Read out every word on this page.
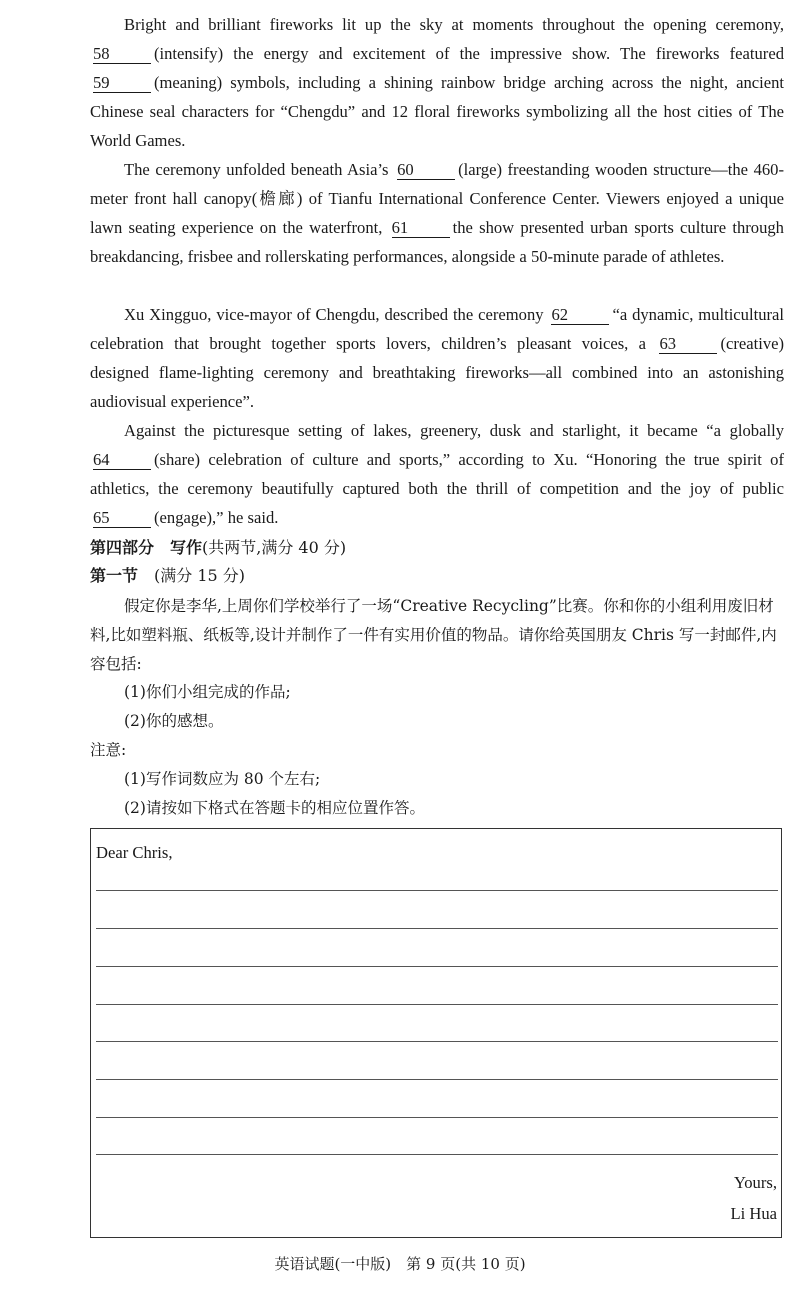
Bright and brilliant fireworks lit up the sky at moments throughout the opening ceremony, 58	(intensify) the energy and excitement of the impressive show. The fireworks featured 59	(meaning) symbols, including a shining rainbow bridge arching across the night, ancient Chinese seal characters for “Chengdu” and 12 floral fireworks symbolizing all the host cities of The World Games.
The ceremony unfolded beneath Asia’s 60	(large) freestanding wooden structure—the 460-meter front hall canopy(檐廊) of Tianfu International Conference Center. Viewers enjoyed a unique lawn seating experience on the waterfront, 61	the show presented urban sports culture through breakdancing, frisbee and rollerskating performances, alongside a 50-minute parade of athletes.
Xu Xingguo, vice-mayor of Chengdu, described the ceremony 62	“a dynamic, multicultural celebration that brought together sports lovers, children’s pleasant voices, a 63	(creative) designed flame-lighting ceremony and breathtaking fireworks—all combined into an astonishing audiovisual experience”.
Against the picturesque setting of lakes, greenery, dusk and starlight, it became “a globally 64	(share) celebration of culture and sports,” according to Xu. “Honoring the true spirit of athletics, the ceremony beautifully captured both the thrill of competition and the joy of public 65	(engage),” he said.
第四部分　写作(共两节,满分 40 分)
第一节　 (满分 15 分)
假定你是李华,上周你们学校举行了一场“Creative Recycling”比赛。你和你的小组利用废旧材料,比如塑料瓶、纸板等,设计并制作了一件有实用价值的物品。请你给英国朋友 Chris 写一封邮件,内容包括:
(1)你们小组完成的作品;
(2)你的感想。
注意:
(1)写作词数应为 80 个左右;
(2)请按如下格式在答题卡的相应位置作答。
Dear Chris,
Yours,
Li Hua
英语试题(一中版)　第 9 页(共 10 页)
